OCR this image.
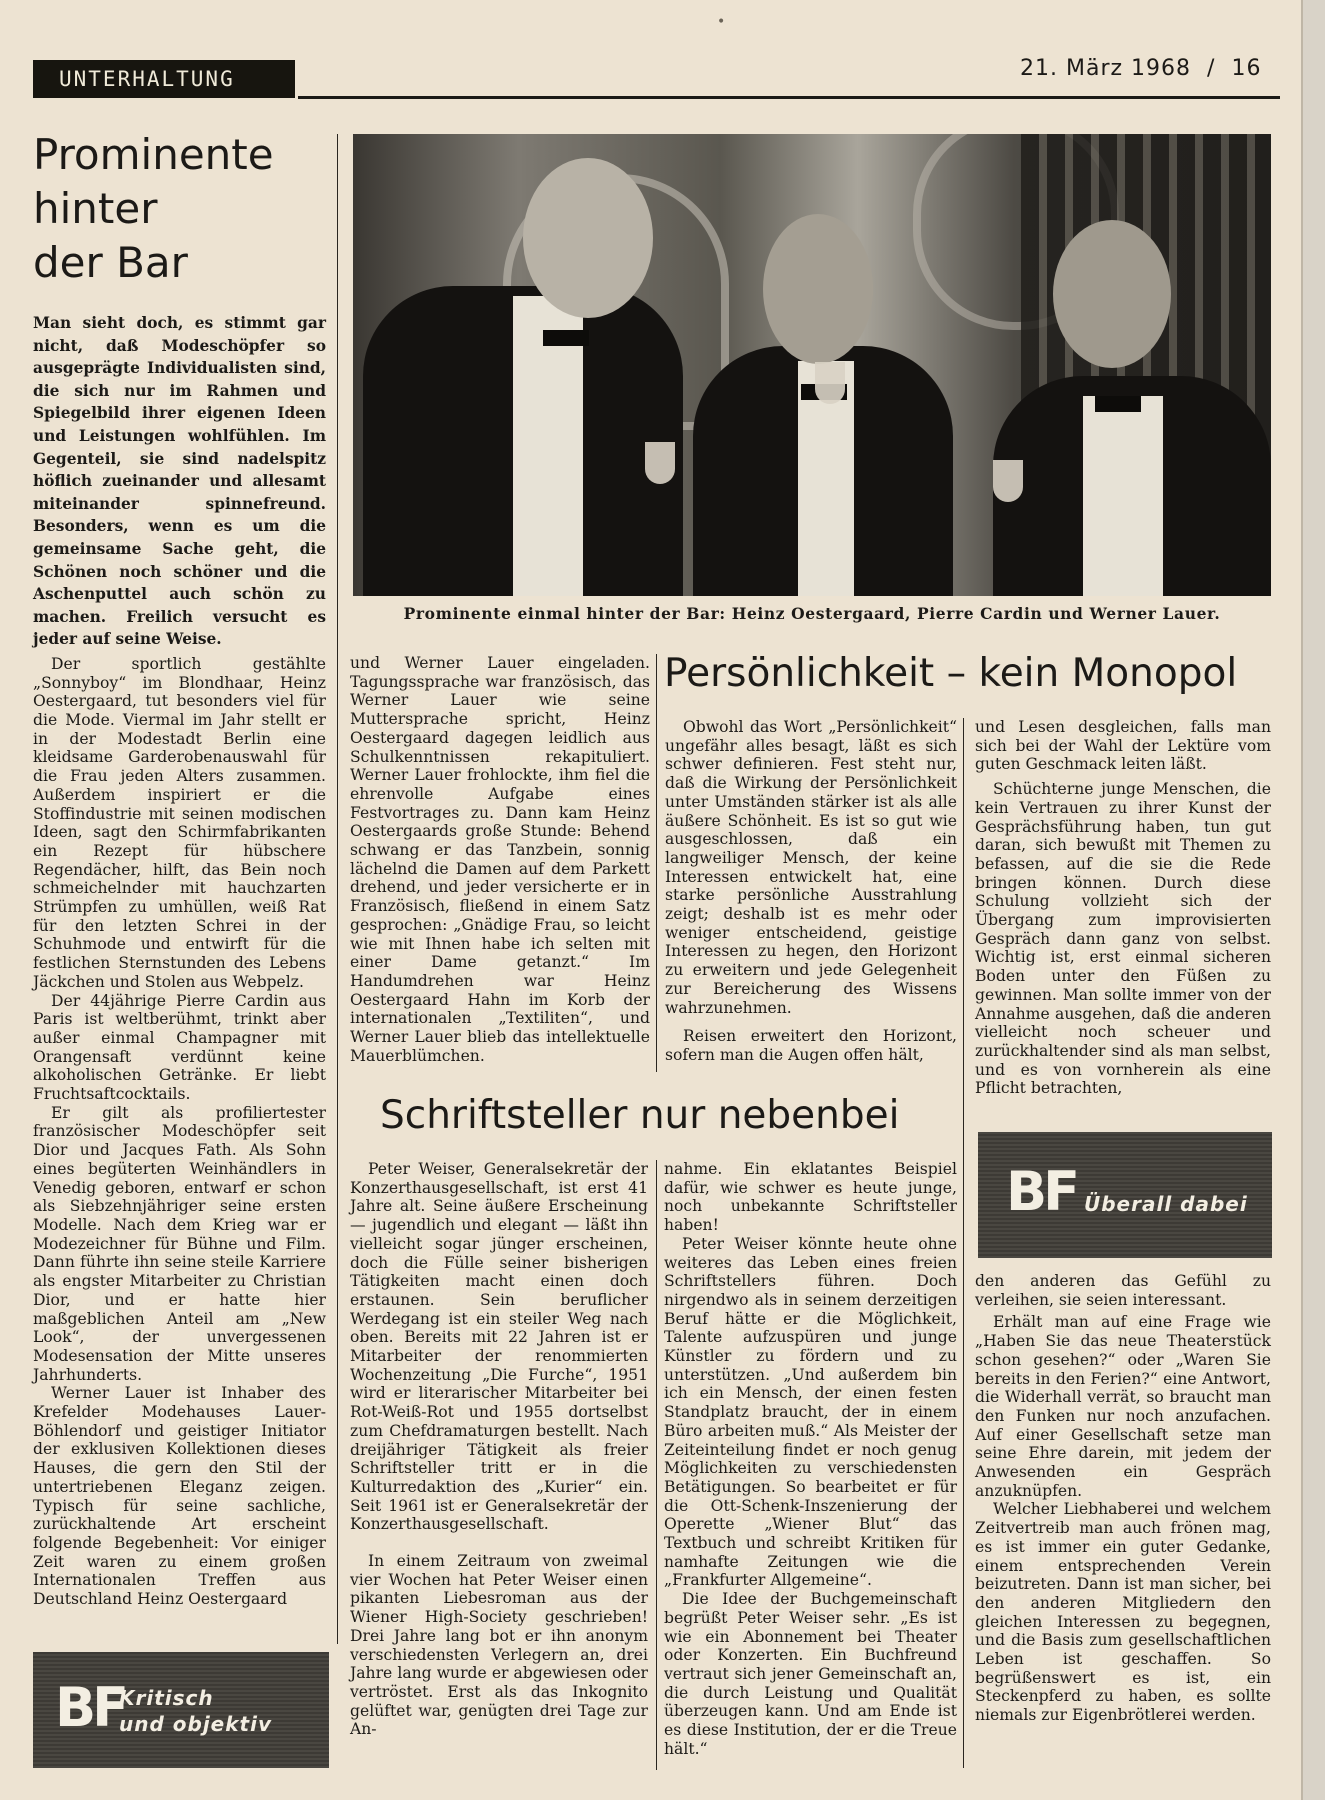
•
UNTERHALTUNG	21. März 1968 / 16
Prominente
hinter
der Bar

Man sieht doch, es stimmt gar nicht, daß Modeschöpfer so ausgeprägte Individualisten sind, die sich nur im Rahmen und Spiegelbild ihrer eigenen Ideen und Leistungen wohlfühlen. Im Gegenteil, sie sind nadelspitz höflich zueinander und allesamt miteinander spinnefreund. Besonders, wenn es um die gemeinsame Sache geht, die Schönen noch schöner und die Aschenputtel auch schön zu machen. Freilich versucht es jeder auf seine Weise.

Der sportlich gestählte „Sonnyboy“ im Blondhaar, Heinz Oestergaard, tut besonders viel für die Mode. Viermal im Jahr stellt er in der Modestadt Berlin eine kleidsame Garderobenauswahl für die Frau jeden Alters zusammen. Außerdem inspiriert er die Stoffindustrie mit seinen modischen Ideen, sagt den Schirmfabrikanten ein Rezept für hübschere Regendächer, hilft, das Bein noch schmeichelnder mit hauchzarten Strümpfen zu umhüllen, weiß Rat für den letzten Schrei in der Schuhmode und entwirft für die festlichen Sternstunden des Lebens Jäckchen und Stolen aus Webpelz.

Der 44jährige Pierre Cardin aus Paris ist weltberühmt, trinkt aber außer einmal Champagner mit Orangensaft verdünnt keine alkoholischen Getränke. Er liebt Fruchtsaftcocktails.

Er gilt als profiliertester französischer Modeschöpfer seit Dior und Jacques Fath. Als Sohn eines begüterten Weinhändlers in Venedig geboren, entwarf er schon als Siebzehnjähriger seine ersten Modelle. Nach dem Krieg war er Modezeichner für Bühne und Film. Dann führte ihn seine steile Karriere als engster Mitarbeiter zu Christian Dior, und er hatte hier maßgeblichen Anteil am „New Look“, der unvergessenen Modesensation der Mitte unseres Jahrhunderts.

Werner Lauer ist Inhaber des Krefelder Modehauses Lauer-Böhlendorf und geistiger Initiator der exklusiven Kollektionen dieses Hauses, die gern den Stil der untertriebenen Eleganz zeigen. Typisch für seine sachliche, zurückhaltende Art erscheint folgende Begebenheit: Vor einiger Zeit waren zu einem großen Internationalen Treffen aus Deutschland Heinz Oestergaard

Prominente einmal hinter der Bar: Heinz Oestergaard, Pierre Cardin und Werner Lauer.

und Werner Lauer eingeladen. Tagungssprache war französisch, das Werner Lauer wie seine Muttersprache spricht, Heinz Oestergaard dagegen leidlich aus Schulkenntnissen rekapituliert. Werner Lauer frohlockte, ihm fiel die ehrenvolle Aufgabe eines Festvortrages zu. Dann kam Heinz Oestergaards große Stunde: Behend schwang er das Tanzbein, sonnig lächelnd die Damen auf dem Parkett drehend, und jeder versicherte er in Französisch, fließend in einem Satz gesprochen: „Gnädige Frau, so leicht wie mit Ihnen habe ich selten mit einer Dame getanzt.“ Im Handumdrehen war Heinz Oestergaard Hahn im Korb der internationalen „Textiliten“, und Werner Lauer blieb das intellektuelle Mauerblümchen.

Persönlichkeit – kein Monopol

Obwohl das Wort „Persönlichkeit“ ungefähr alles besagt, läßt es sich schwer definieren. Fest steht nur, daß die Wirkung der Persönlichkeit unter Umständen stärker ist als alle äußere Schönheit. Es ist so gut wie ausgeschlossen, daß ein langweiliger Mensch, der keine Interessen entwickelt hat, eine starke persönliche Ausstrahlung zeigt; deshalb ist es mehr oder weniger entscheidend, geistige Interessen zu hegen, den Horizont zu erweitern und jede Gelegenheit zur Bereicherung des Wissens wahrzunehmen.

Reisen erweitert den Horizont, sofern man die Augen offen hält,

und Lesen desgleichen, falls man sich bei der Wahl der Lektüre vom guten Geschmack leiten läßt.

Schüchterne junge Menschen, die kein Vertrauen zu ihrer Kunst der Gesprächsführung haben, tun gut daran, sich bewußt mit Themen zu befassen, auf die sie die Rede bringen können. Durch diese Schulung vollzieht sich der Übergang zum improvisierten Gespräch dann ganz von selbst. Wichtig ist, erst einmal sicheren Boden unter den Füßen zu gewinnen. Man sollte immer von der Annahme ausgehen, daß die anderen vielleicht noch scheuer und zurückhaltender sind als man selbst, und es von vornherein als eine Pflicht betrachten,

BF Überall dabei

den anderen das Gefühl zu verleihen, sie seien interessant.

Erhält man auf eine Frage wie „Haben Sie das neue Theaterstück schon gesehen?“ oder „Waren Sie bereits in den Ferien?“ eine Antwort, die Widerhall verrät, so braucht man den Funken nur noch anzufachen. Auf einer Gesellschaft setze man seine Ehre darein, mit jedem der Anwesenden ein Gespräch anzuknüpfen.

Welcher Liebhaberei und welchem Zeitvertreib man auch frönen mag, es ist immer ein guter Gedanke, einem entsprechenden Verein beizutreten. Dann ist man sicher, bei den anderen Mitgliedern den gleichen Interessen zu begegnen, und die Basis zum gesellschaftlichen Leben ist geschaffen. So begrüßenswert es ist, ein Steckenpferd zu haben, es sollte niemals zur Eigenbrötlerei werden.

Schriftsteller nur nebenbei

Peter Weiser, Generalsekretär der Konzerthausgesellschaft, ist erst 41 Jahre alt. Seine äußere Erscheinung — jugendlich und elegant — läßt ihn vielleicht sogar jünger erscheinen, doch die Fülle seiner bisherigen Tätigkeiten macht einen doch erstaunen. Sein beruflicher Werdegang ist ein steiler Weg nach oben. Bereits mit 22 Jahren ist er Mitarbeiter der renommierten Wochenzeitung „Die Furche“, 1951 wird er literarischer Mitarbeiter bei Rot-Weiß-Rot und 1955 dortselbst zum Chefdramaturgen bestellt. Nach dreijähriger Tätigkeit als freier Schriftsteller tritt er in die Kulturredaktion des „Kurier“ ein. Seit 1961 ist er Generalsekretär der Konzerthausgesellschaft.

In einem Zeitraum von zweimal vier Wochen hat Peter Weiser einen pikanten Liebesroman aus der Wiener High-Society geschrieben! Drei Jahre lang bot er ihn anonym verschiedensten Verlegern an, drei Jahre lang wurde er abgewiesen oder vertröstet. Erst als das Inkognito gelüftet war, genügten drei Tage zur An-

nahme. Ein eklatantes Beispiel dafür, wie schwer es heute junge, noch unbekannte Schriftsteller haben!

Peter Weiser könnte heute ohne weiteres das Leben eines freien Schriftstellers führen. Doch nirgendwo als in seinem derzeitigen Beruf hätte er die Möglichkeit, Talente aufzuspüren und junge Künstler zu fördern und zu unterstützen. „Und außerdem bin ich ein Mensch, der einen festen Standplatz braucht, der in einem Büro arbeiten muß.“ Als Meister der Zeiteinteilung findet er noch genug Möglichkeiten zu verschiedensten Betätigungen. So bearbeitet er für die Ott-Schenk-Inszenierung der Operette „Wiener Blut“ das Textbuch und schreibt Kritiken für namhafte Zeitungen wie die „Frankfurter Allgemeine“.

Die Idee der Buchgemeinschaft begrüßt Peter Weiser sehr. „Es ist wie ein Abonnement bei Theater oder Konzerten. Ein Buchfreund vertraut sich jener Gemeinschaft an, die durch Leistung und Qualität überzeugen kann. Und am Ende ist es diese Institution, der er die Treue hält.“

BF
Kritisch
und objektiv
